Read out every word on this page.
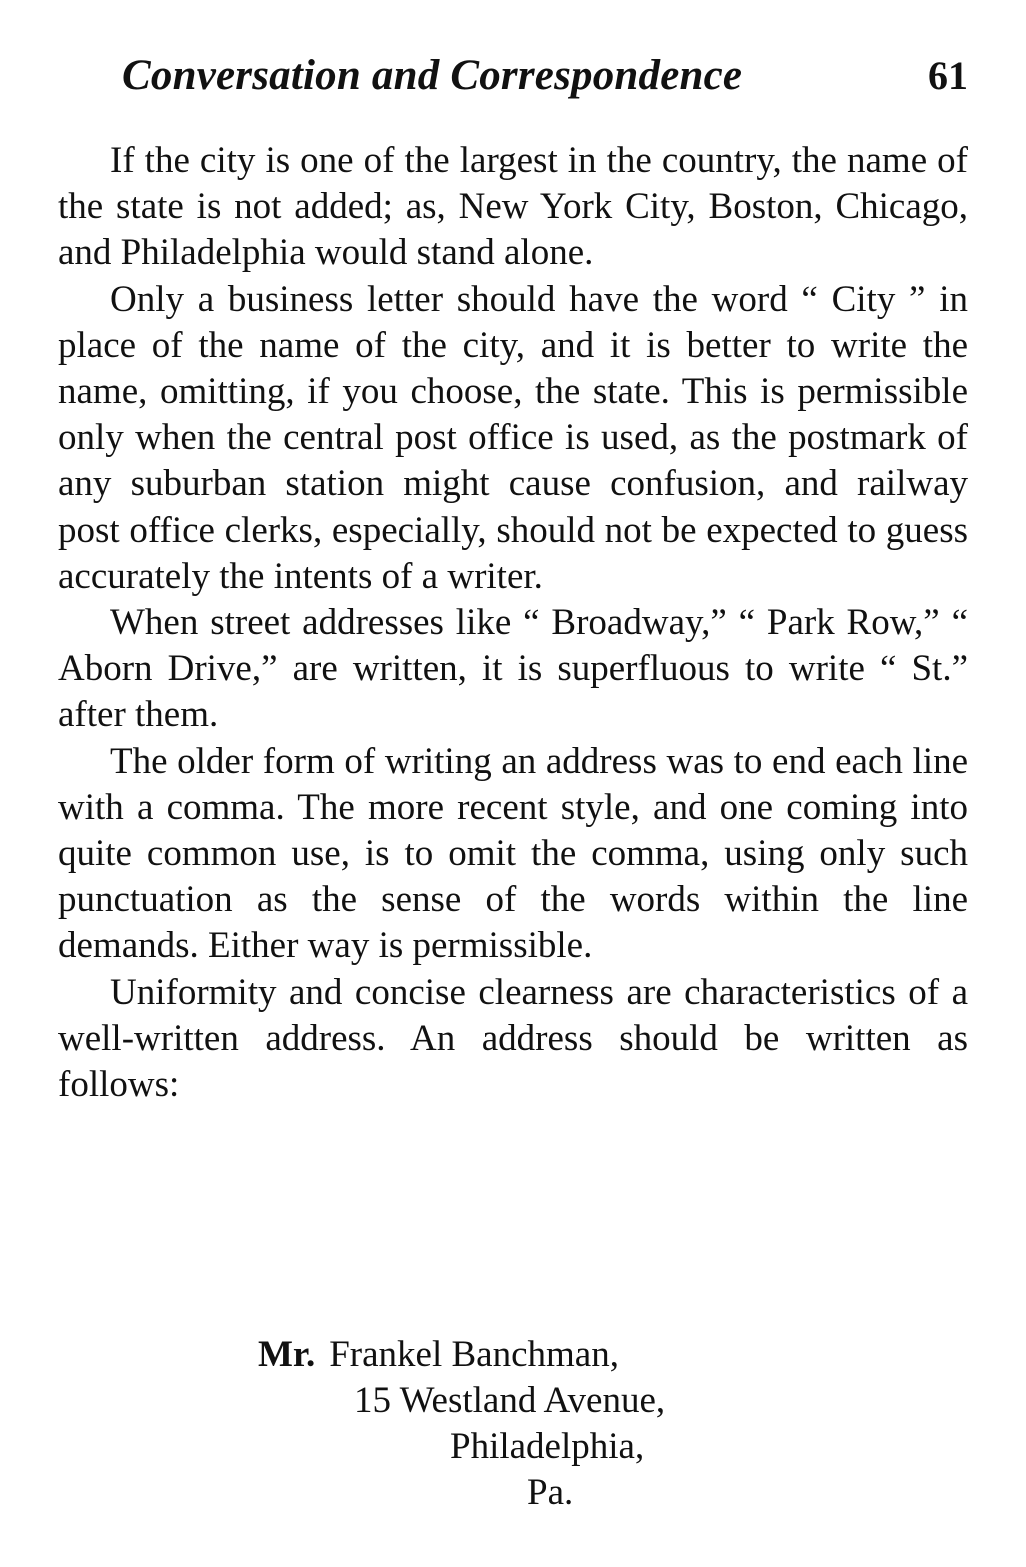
Conversation and Correspondence	61

If the city is one of the largest in the country, the name of the state is not added; as, New York City, Boston, Chicago, and Philadelphia would stand alone.

Only a business letter should have the word “ City ” in place of the name of the city, and it is better to write the name, omitting, if you choose, the state. This is permissible only when the central post office is used, as the postmark of any suburban station might cause confusion, and railway post office clerks, especially, should not be expected to guess accurately the intents of a writer.

When street addresses like “ Broadway,” “ Park Row,” “ Aborn Drive,” are written, it is superfluous to write “ St.” after them.

The older form of writing an address was to end each line with a comma. The more recent style, and one coming into quite common use, is to omit the comma, using only such punctuation as the sense of the words within the line demands. Either way is permissible.

Uniformity and concise clearness are characteristics of a well-written address. An address should be written as follows:

Mr. Frankel Banchman,
15 Westland Avenue,
Philadelphia,
Pa.
